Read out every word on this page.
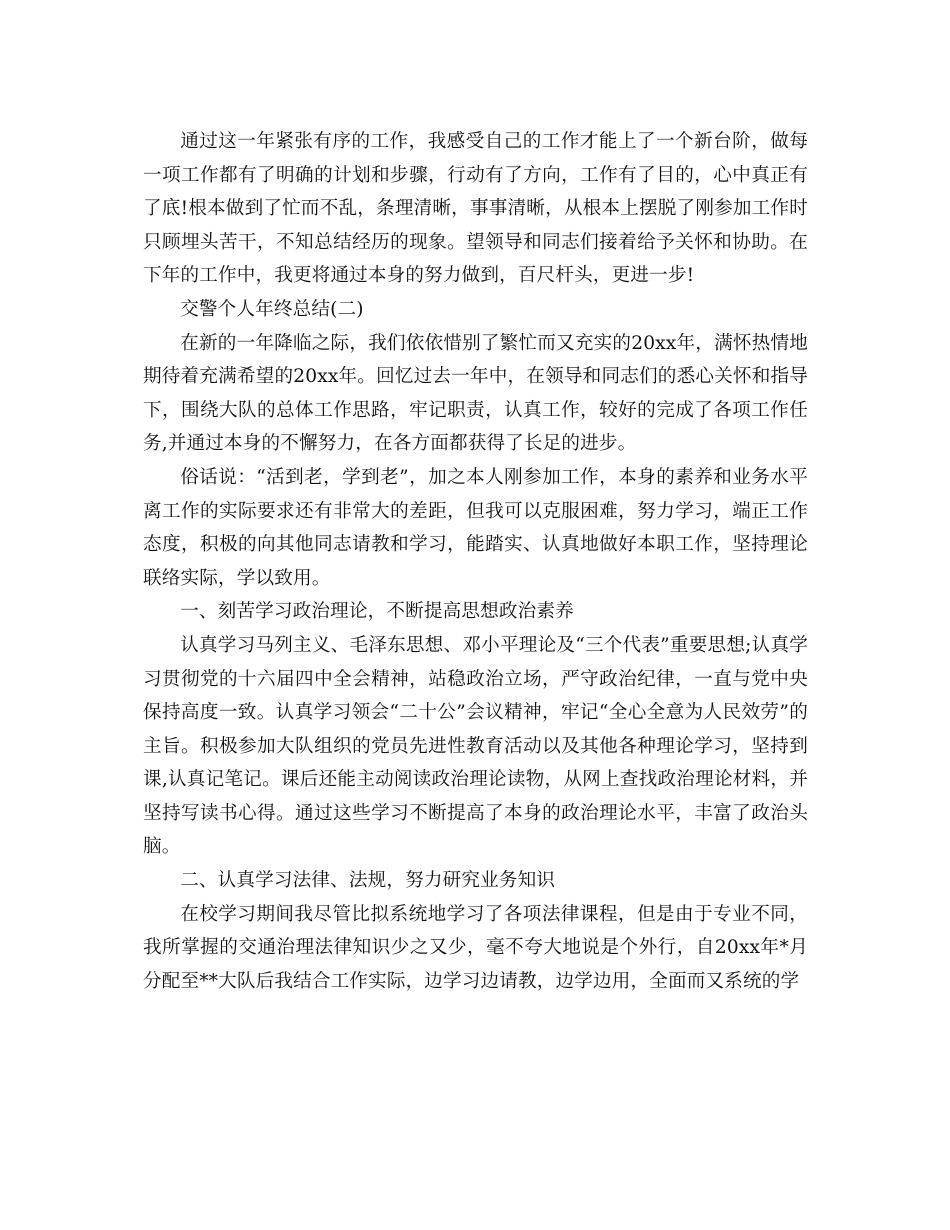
通过这一年紧张有序的工作，我感受自己的工作才能上了一个新台阶，做每一项工作都有了明确的计划和步骤，行动有了方向，工作有了目的，心中真正有了底!根本做到了忙而不乱，条理清晰，事事清晰，从根本上摆脱了刚参加工作时只顾埋头苦干，不知总结经历的现象。望领导和同志们接着给予关怀和协助。在下年的工作中，我更将通过本身的努力做到，百尺杆头，更进一步!

交警个人年终总结(二)

在新的一年降临之际，我们依依惜别了繁忙而又充实的20xx年，满怀热情地期待着充满希望的20xx年。回忆过去一年中，在领导和同志们的悉心关怀和指导下，围绕大队的总体工作思路，牢记职责，认真工作，较好的完成了各项工作任务,并通过本身的不懈努力，在各方面都获得了长足的进步。

俗话说：“活到老，学到老”，加之本人刚参加工作，本身的素养和业务水平离工作的实际要求还有非常大的差距，但我可以克服困难，努力学习，端正工作态度，积极的向其他同志请教和学习，能踏实、认真地做好本职工作，坚持理论联络实际，学以致用。

一、刻苦学习政治理论，不断提高思想政治素养

认真学习马列主义、毛泽东思想、邓小平理论及“三个代表”重要思想;认真学习贯彻党的十六届四中全会精神，站稳政治立场，严守政治纪律，一直与党中央保持高度一致。认真学习领会“二十公”会议精神，牢记“全心全意为人民效劳”的主旨。积极参加大队组织的党员先进性教育活动以及其他各种理论学习，坚持到课,认真记笔记。课后还能主动阅读政治理论读物，从网上查找政治理论材料，并坚持写读书心得。通过这些学习不断提高了本身的政治理论水平，丰富了政治头脑。

二、认真学习法律、法规，努力研究业务知识

在校学习期间我尽管比拟系统地学习了各项法律课程，但是由于专业不同，我所掌握的交通治理法律知识少之又少，毫不夸大地说是个外行，自20xx年*月分配至**大队后我结合工作实际，边学习边请教，边学边用，全面而又系统的学
